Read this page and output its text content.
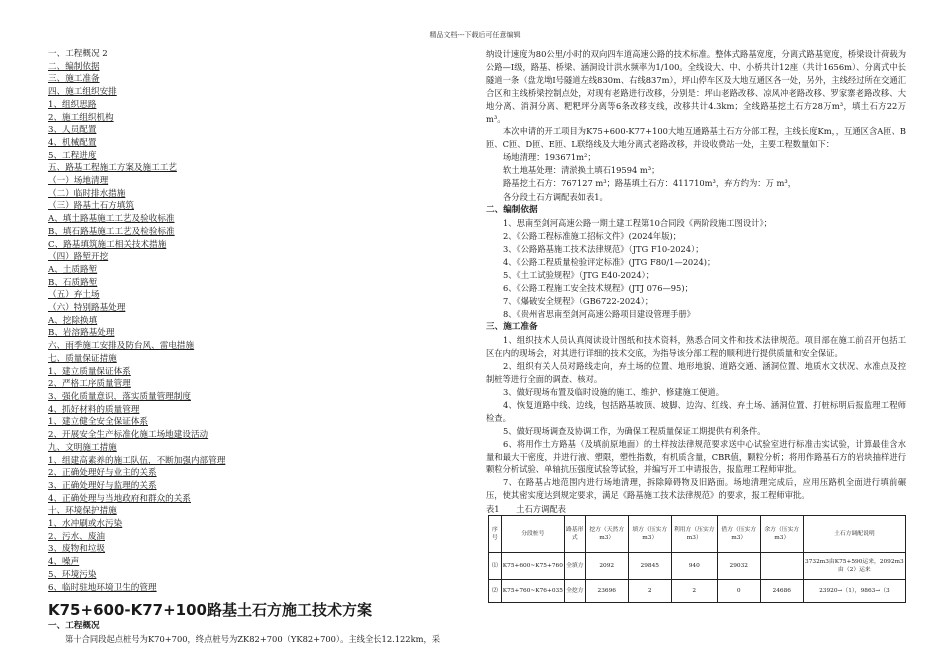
精品文档---下载后可任意编辑
一、工程概况 2
二、编制依据
三、施工准备
四、施工组织安排
1、组织思路
2、施工组织机构
3、人员配置
4、机械配置
5、工程进度
五、路基工程施工方案及施工工艺
（一）场地清理
（二）临时排水措施
（三）路基土石方填筑
A、填土路基施工工艺及验收标准
B、填石路基施工工艺及检验标准
C、路基填筑施工相关技术措施
（四）路堑开挖
A、土质路堑
B、石质路堑
（五）弃土场
（六）特别路基处理
A、挖除换填
B、岩溶路基处理
六、雨季施工安排及防台风、雷电措施
七、质量保证措施
1、建立质量保证体系
2、严格工序质量管理
3、强化质量意识，落实质量管理制度
4、抓好材料的质量管理
1、建立健全安全保证体系
2、开展安全生产标准化施工场地建设活动
九、文明施工措施
1、组建高素养的施工队伍，不断加强内部管理
2、正确处理好与业主的关系
3、正确处理好与监理的关系
4、正确处理与当地政府和群众的关系
十、环境保护措施
1、水冲刷或水污染
2、污水、废油
3、废物和垃圾
4、噪声
5、环境污染
6、临时驻地环境卫生的管理
K75+600-K77+100路基土石方施工技术方案
一、工程概况
第十合同段起点桩号为K70+700，终点桩号为ZK82+700（YK82+700）。主线全长12.122km，采
纳设计速度为80公里/小时的双向四车道高速公路的技术标准。整体式路基宽度，分离式路基宽度，桥梁设计荷载为公路—Ⅰ级，路基、桥梁、涵洞设计洪水频率为1/100。全线设大、中、小桥共计12座（共计1656m）、分离式中长隧道一条（盘龙坳Ⅰ号隧道左线830m、右线837m），坪山停车区及大地互通区各一处，另外，主线经过所在交通汇合区和主线桥梁控制点处，对现有老路进行改移，分别是：坪山老路改移、凉风冲老路改移、罗家寨老路改移、大地分离、消洞分离、粑粑坪分离等6条改移支线，改移共计4.3km；全线路基挖土石方28万m³，填土石方22万m³。
本次申请的开工项目为K75+600-K77+100大地互通路基土石方分部工程，主线长度Km，，互通区含A匝、B匝、C匝、D匝、E匝、L联络线及大地分离式老路改移，并设收费站一处，主要工程数量如下：
场地清理：193671m²；
软土地基处理：清淤换土填石19594 m³；
路基挖土石方：767127 m³；路基填土石方：411710m³，弃方约为：万 m³，
各分段土石方调配表如表1。
二、编制依据
1、思南至剑河高速公路一期土建工程第10合同段《两阶段施工图设计》；
2、《公路工程标准施工招标文件》(2024年版)；
3、《公路路基施工技术法律规范》（JTG F10-2024）；
4、《公路工程质量检验评定标准》(JTG F80/1—2024)；
5、《土工试验规程》（JTG E40-2024）；
6、《公路工程施工安全技术规程》(JTJ 076—95)；
7、《爆破安全规程》（GB6722-2024）；
8、《贵州省思南至剑河高速公路项目建设管理手册》
三、施工准备
1、组织技术人员认真阅读设计图纸和技术资料，熟悉合同文件和技术法律规范。项目部在施工前召开包括工区在内的现场会，对其进行详细的技术交底，为指导该分部工程的顺利进行提供质量和安全保证。
2、组织有关人员对路线走向，弃土场的位置、地形地貌、道路交通、涵洞位置、地质水文状况、水准点及控制桩等进行全面的调查、核对。
3、做好现场布置及临时设施的施工、维护、修建施工便道。
4、恢复道路中线、边线，包括路基坡顶、坡脚、边沟、红线、弃土场、涵洞位置、打桩标明后报监理工程师检查。
5、做好现场调查及协调工作，为确保工程质量保证工期提供有利条件。
6、将用作土方路基（及填前原地面）的土样按法律规范要求送中心试验室进行标准击实试验，计算最佳含水量和最大干密度，并进行液、塑限，塑性指数，有机质含量，CBR值，颗粒分析；将用作路基石方的岩块抽样进行颗粒分析试验、单轴抗压强度试验等试验，并编写开工申请报告，报监理工程师审批。
7、在路基占地范围内进行场地清理，拆除障碍物及旧路面。场地清理完成后，应用压路机全面进行填前碾压，使其密实度达到规定要求，满足《路基施工技术法律规范》的要求，报工程师审批。
表1　　土石方调配表
序号	分段桩号	路基形式	挖方（天然方m3）	填方（压实方m3）	利用方（压实方m3）	借方（压实方m3）	余方（压实方m3）	土石方调配说明
⑴	K75+600~K75+760	全填方	2092	29845	940	29032		3732m3由K75+590运来，2092m3由（2）运来
⑵	K75+760~K76+035	全挖方	23696	2	2	0	24686	23920→（1），9863→（3
